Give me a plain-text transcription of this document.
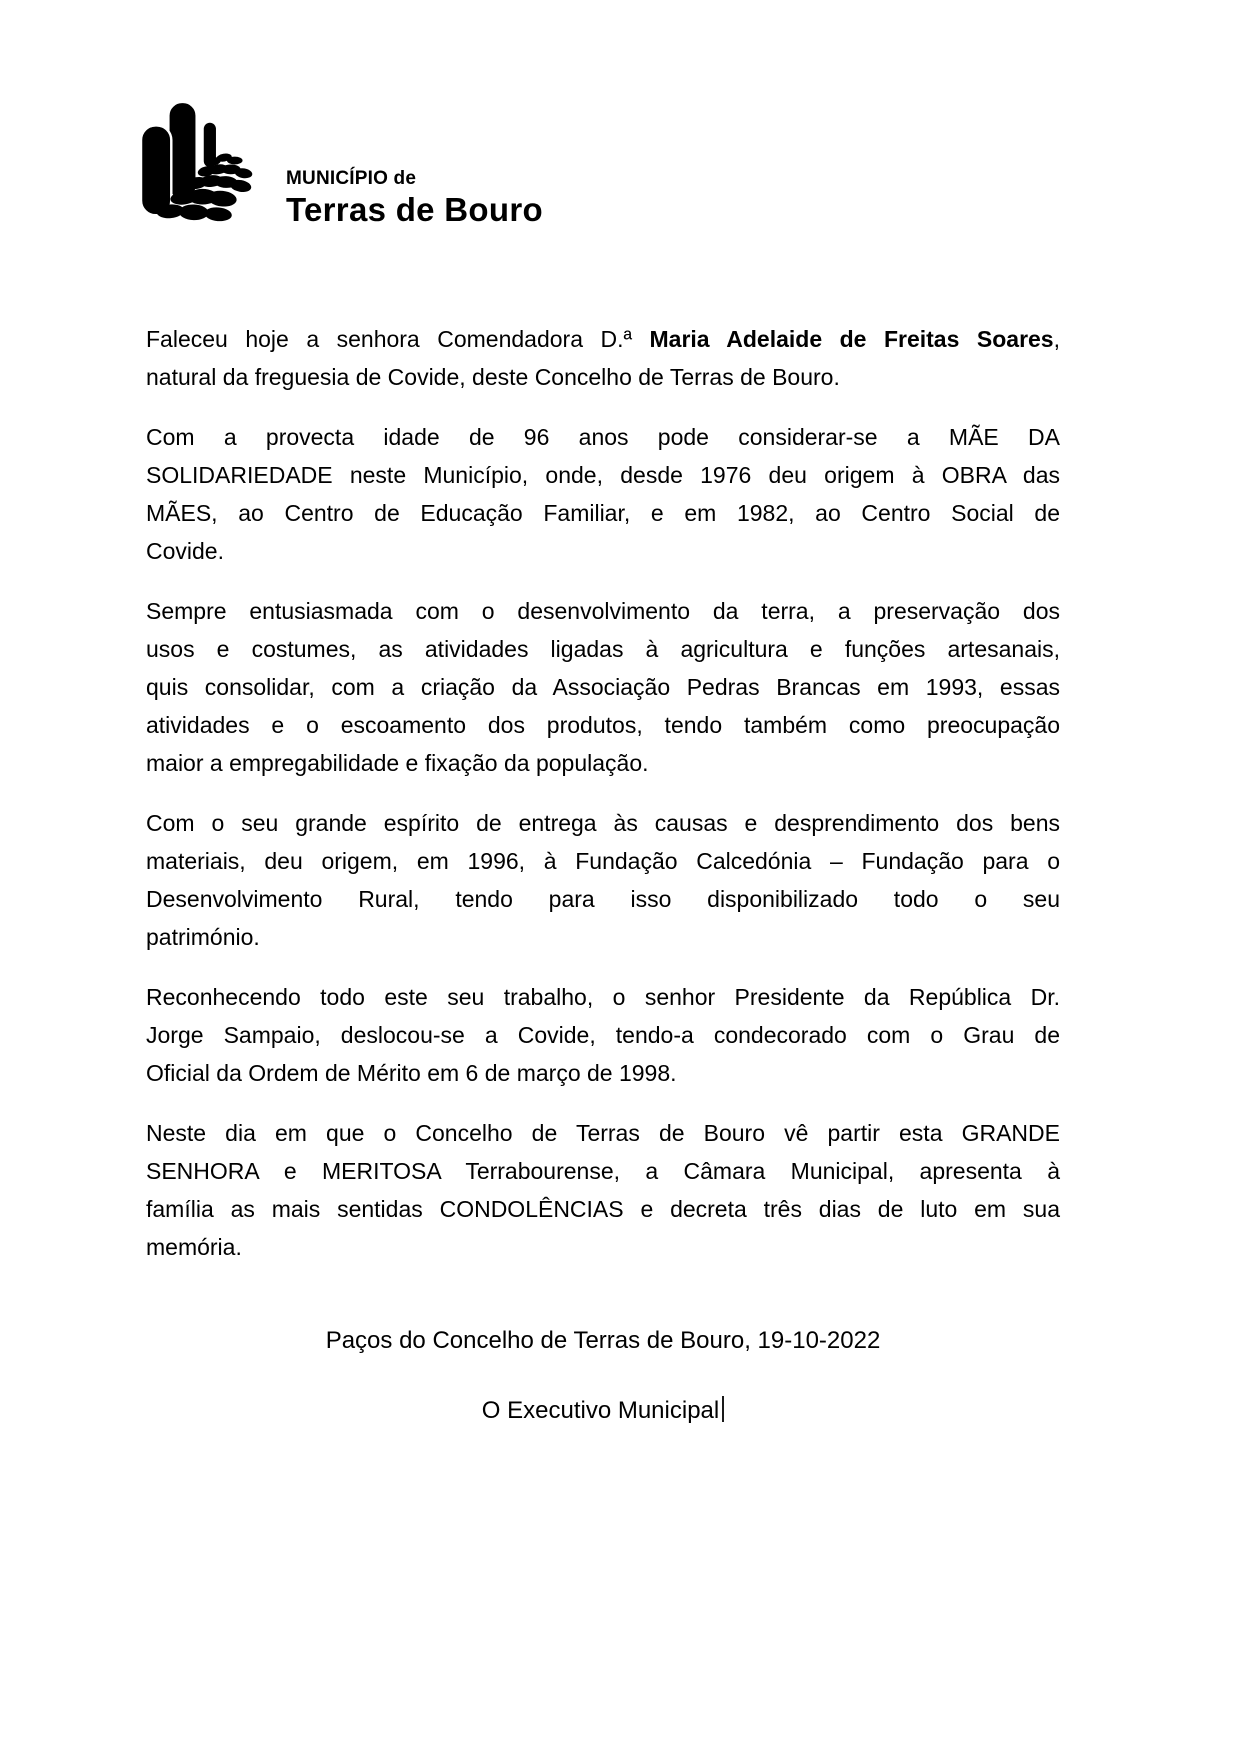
MUNICÍPIO de
Terras de Bouro
Faleceu hoje a senhora Comendadora D.ª Maria Adelaide de Freitas Soares,
natural da freguesia de Covide, deste Concelho de Terras de Bouro.
Com a provecta idade de 96 anos pode considerar-se a MÃE DA
SOLIDARIEDADE neste Município, onde, desde 1976 deu origem à OBRA das
MÃES, ao Centro de Educação Familiar, e em 1982, ao Centro Social de
Covide.
Sempre entusiasmada com o desenvolvimento da terra, a preservação dos
usos e costumes, as atividades ligadas à agricultura e funções artesanais,
quis consolidar, com a criação da Associação Pedras Brancas em 1993, essas
atividades e o escoamento dos produtos, tendo também como preocupação
maior a empregabilidade e fixação da população.
Com o seu grande espírito de entrega às causas e desprendimento dos bens
materiais, deu origem, em 1996, à Fundação Calcedónia – Fundação para o
Desenvolvimento Rural, tendo para isso disponibilizado todo o seu
património.
Reconhecendo todo este seu trabalho, o senhor Presidente da República Dr.
Jorge Sampaio, deslocou-se a Covide, tendo-a condecorado com o Grau de
Oficial da Ordem de Mérito em 6 de março de 1998.
Neste dia em que o Concelho de Terras de Bouro vê partir esta GRANDE
SENHORA e MERITOSA Terrabourense, a Câmara Municipal, apresenta à
família as mais sentidas CONDOLÊNCIAS e decreta três dias de luto em sua
memória.
Paços do Concelho de Terras de Bouro, 19-10-2022
O Executivo Municipal
